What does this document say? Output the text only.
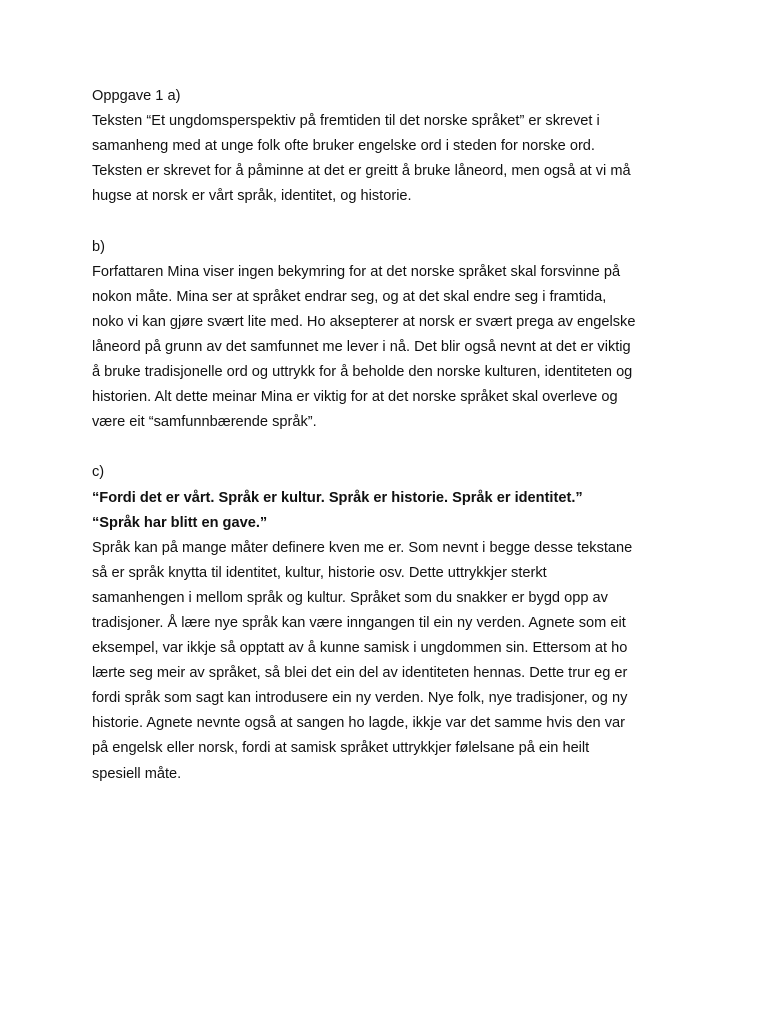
Oppgave 1 a)
Teksten “Et ungdomsperspektiv på fremtiden til det norske språket” er skrevet i
samanheng med at unge folk ofte bruker engelske ord i steden for norske ord.
Teksten er skrevet for å påminne at det er greitt å bruke låneord, men også at vi må
hugse at norsk er vårt språk, identitet, og historie.
b)
Forfattaren Mina viser ingen bekymring for at det norske språket skal forsvinne på
nokon måte. Mina ser at språket endrar seg, og at det skal endre seg i framtida,
noko vi kan gjøre svært lite med. Ho aksepterer at norsk er svært prega av engelske
låneord på grunn av det samfunnet me lever i nå. Det blir også nevnt at det er viktig
å bruke tradisjonelle ord og uttrykk for å beholde den norske kulturen, identiteten og
historien. Alt dette meinar Mina er viktig for at det norske språket skal overleve og
være eit “samfunnbærende språk”.
c)
“Fordi det er vårt. Språk er kultur. Språk er historie. Språk er identitet.”
“Språk har blitt en gave.”
Språk kan på mange måter definere kven me er. Som nevnt i begge desse tekstane
så er språk knytta til identitet, kultur, historie osv. Dette uttrykkjer sterkt
samanhengen i mellom språk og kultur. Språket som du snakker er bygd opp av
tradisjoner. Å lære nye språk kan være inngangen til ein ny verden. Agnete som eit
eksempel, var ikkje så opptatt av å kunne samisk i ungdommen sin. Ettersom at ho
lærte seg meir av språket, så blei det ein del av identiteten hennas. Dette trur eg er
fordi språk som sagt kan introdusere ein ny verden. Nye folk, nye tradisjoner, og ny
historie. Agnete nevnte også at sangen ho lagde, ikkje var det samme hvis den var
på engelsk eller norsk, fordi at samisk språket uttrykkjer følelsane på ein heilt
spesiell måte.
